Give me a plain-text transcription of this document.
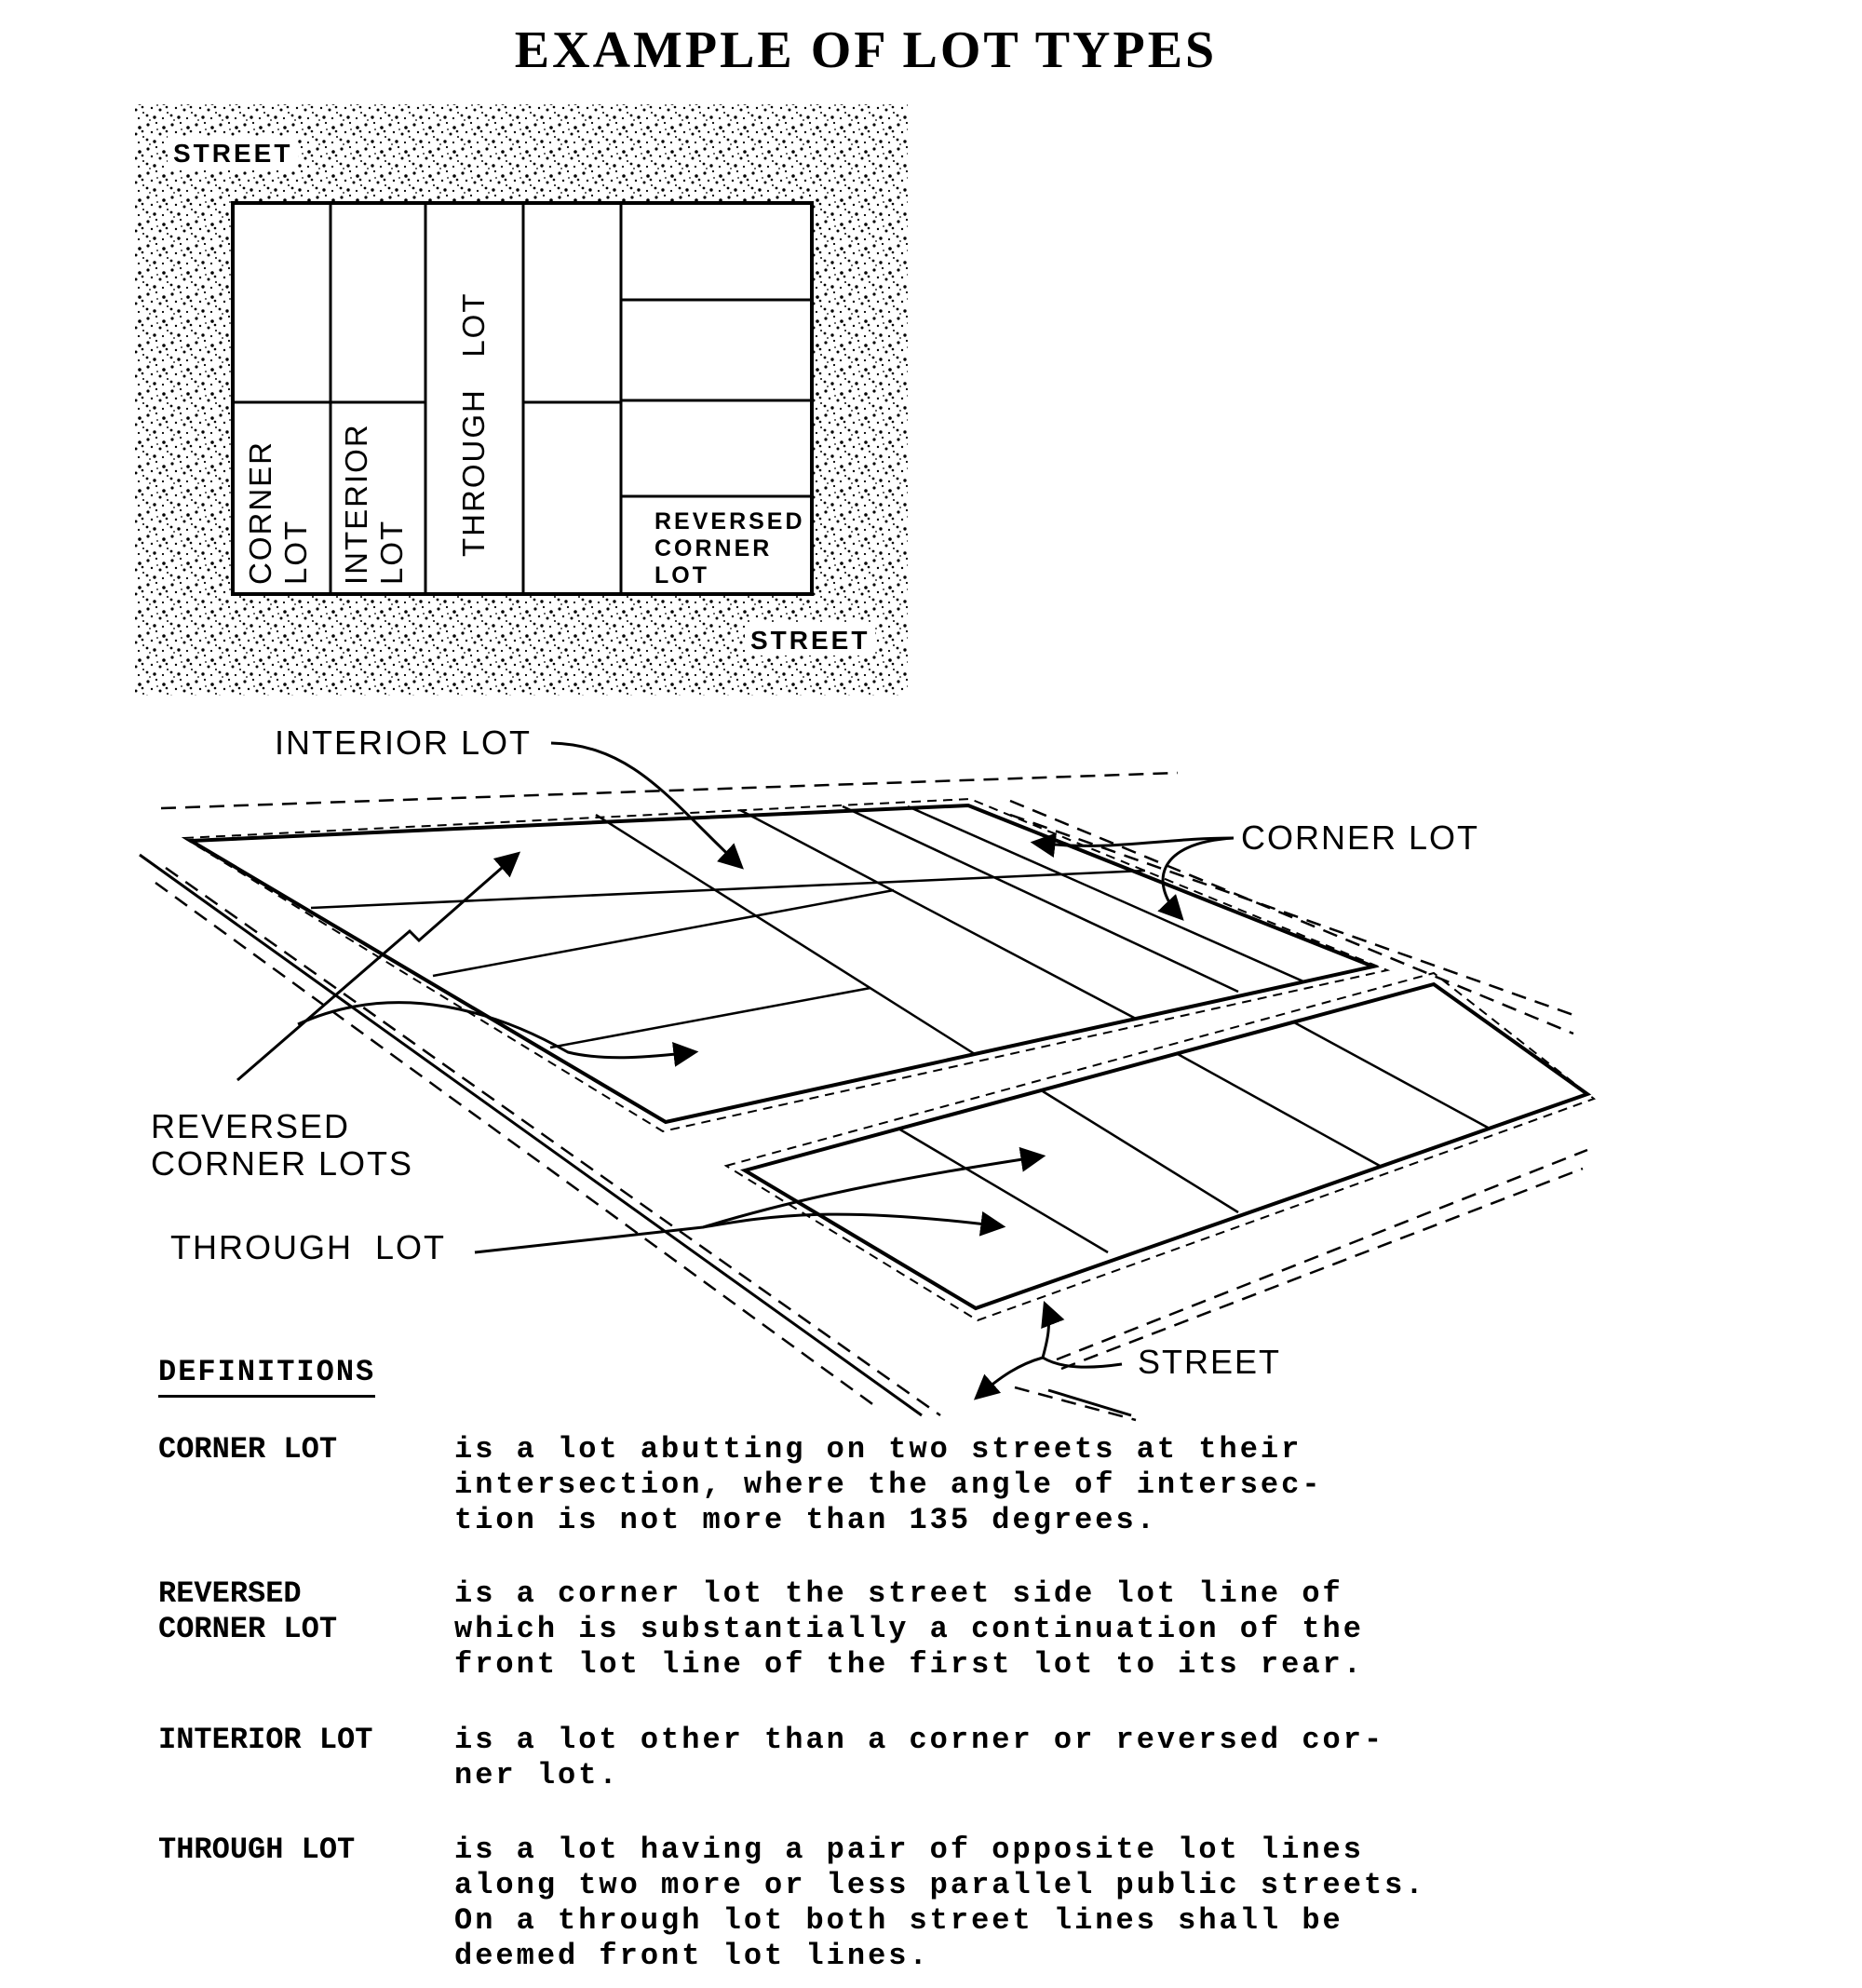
EXAMPLE OF LOT TYPES
STREET
STREET
CORNER LOT INTERIOR LOT THROUGH   LOT	REVERSED CORNER LOT
INTERIOR LOT
CORNER LOT
REVERSED CORNER LOTS
THROUGH  LOT
STREET
DEFINITIONS
CORNER LOT	is a lot abutting on two streets at their
intersection, where the angle of intersec-
tion is not more than 135 degrees.
REVERSED
CORNER LOT
is a corner lot the street side lot line of
which is substantially a continuation of the
front lot line of the first lot to its rear.
INTERIOR LOT	is a lot other than a corner or reversed cor-
ner lot.
THROUGH LOT	is a lot having a pair of opposite lot lines
along two more or less parallel public streets.
On a through lot both street lines shall be
deemed front lot lines.
